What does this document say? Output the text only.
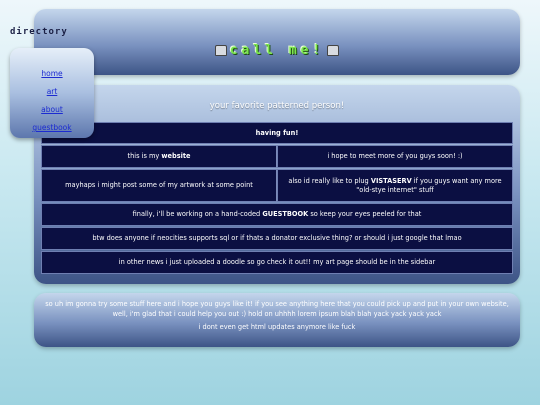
call me!
directory
home
art
about
guestbook
your favorite patterned person!
having fun!	
this is my website	i hope to meet more of you guys soon! :)
mayhaps i might post some of my artwork at some point	also id really like to plug VISTASERV if you guys want any more "old-stye internet" stuff
finally, i'll be working on a hand-coded GUESTBOOK so keep your eyes peeled for that	
btw does anyone if neocities supports sql or if thats a donator exclusive thing? or should i just google that lmao	
in other news i just uploaded a doodle so go check it out!! my art page should be in the sidebar	

so uh im gonna try some stuff here and i hope you guys like it! if you see anything here that you could pick up and put in your own website, well, i'm glad that i could help you out :) hold on uhhhh lorem ipsum blah blah yack yack yack yack

i dont even get html updates anymore like fuck
